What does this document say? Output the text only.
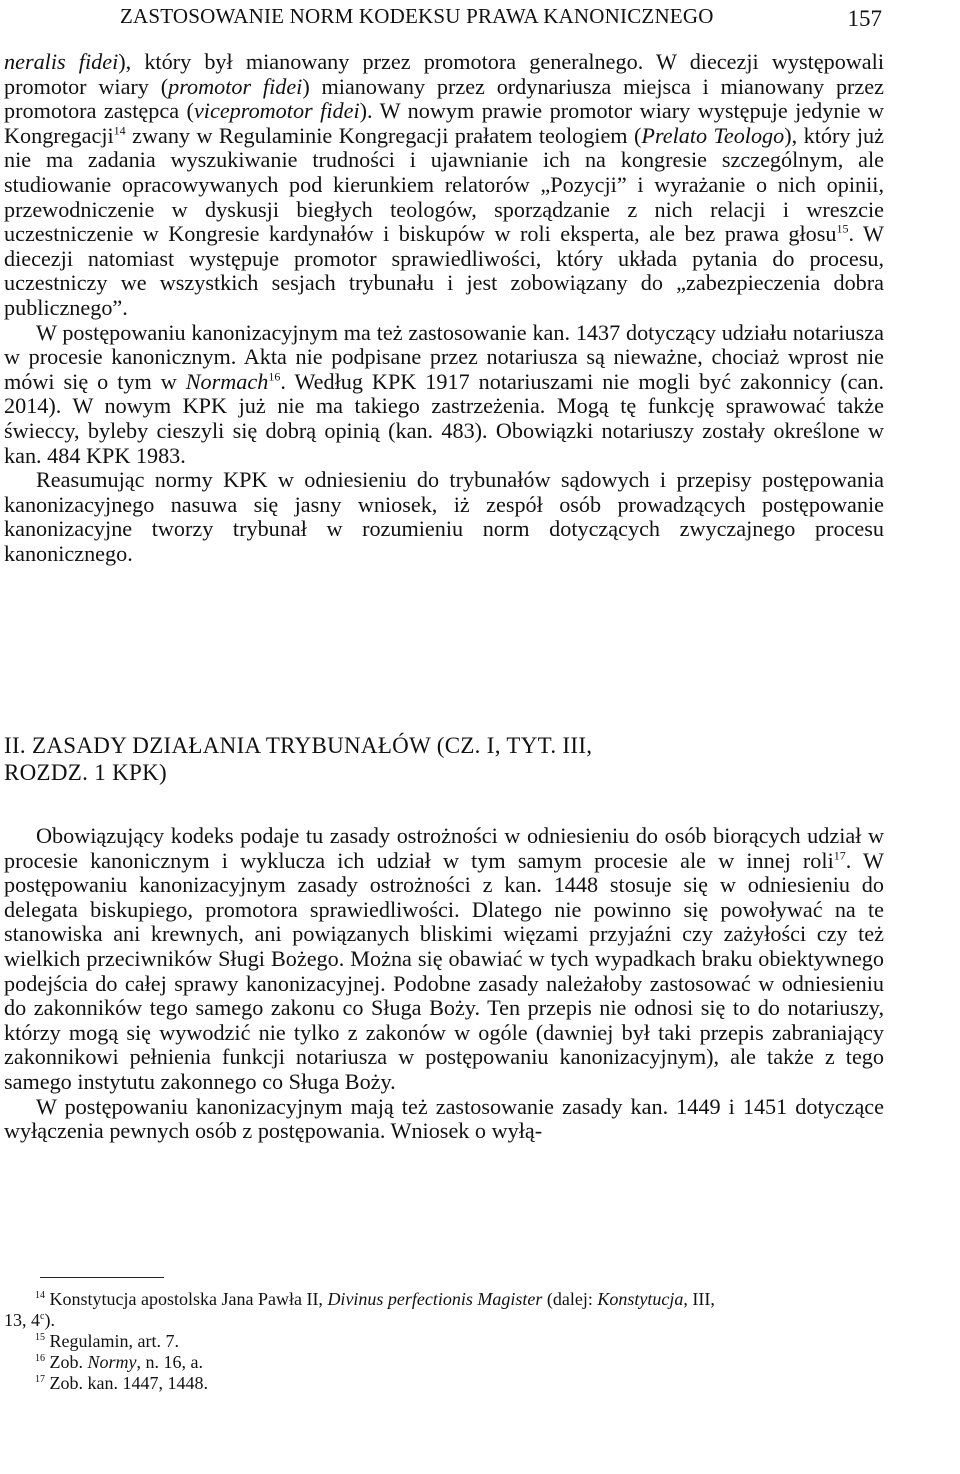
ZASTOSOWANIE NORM KODEKSU PRAWA KANONICZNEGO	157

neralis fidei), który był mianowany przez promotora generalnego. W diecezji występowali promotor wiary (promotor fidei) mianowany przez ordynariusza miejsca i mianowany przez promotora zastępca (vicepromotor fidei). W nowym prawie promotor wiary występuje jedynie w Kongregacji$^{14}$ zwany w Regulaminie Kongregacji prałatem teologiem (Prelato Teologo), który już nie ma zadania wyszukiwanie trudności i ujawnianie ich na kongresie szczególnym, ale studiowanie opracowywanych pod kierunkiem relatorów „Pozycji” i wyrażanie o nich opinii, przewodniczenie w dyskusji biegłych teologów, sporządzanie z nich relacji i wreszcie uczestniczenie w Kongresie kardynałów i biskupów w roli eksperta, ale bez prawa głosu$^{15}$. W diecezji natomiast występuje promotor sprawiedliwości, który układa pytania do procesu, uczestniczy we wszystkich sesjach trybunału i jest zobowiązany do „zabezpieczenia dobra publicznego”.

W postępowaniu kanonizacyjnym ma też zastosowanie kan. 1437 dotyczący udziału notariusza w procesie kanonicznym. Akta nie podpisane przez notariusza są nieważne, chociaż wprost nie mówi się o tym w Normach$^{16}$. Według KPK 1917 notariuszami nie mogli być zakonnicy (can. 2014). W nowym KPK już nie ma takiego zastrzeżenia. Mogą tę funkcję sprawować także świeccy, byleby cieszyli się dobrą opinią (kan. 483). Obowiązki notariuszy zostały określone w kan. 484 KPK 1983.

Reasumując normy KPK w odniesieniu do trybunałów sądowych i przepisy postępowania kanonizacyjnego nasuwa się jasny wniosek, iż zespół osób prowadzących postępowanie kanonizacyjne tworzy trybunał w rozumieniu norm dotyczących zwyczajnego procesu kanonicznego.

II. ZASADY DZIAŁANIA TRYBUNAŁÓW (CZ. I, TYT. III,
ROZDZ. 1 KPK)

Obowiązujący kodeks podaje tu zasady ostrożności w odniesieniu do osób biorących udział w procesie kanonicznym i wyklucza ich udział w tym samym procesie ale w innej roli$^{17}$. W postępowaniu kanonizacyjnym zasady ostrożności z kan. 1448 stosuje się w odniesieniu do delegata biskupiego, promotora sprawiedliwości. Dlatego nie powinno się powoływać na te stanowiska ani krewnych, ani powiązanych bliskimi więzami przyjaźni czy zażyłości czy też wielkich przeciwników Sługi Bożego. Można się obawiać w tych wypadkach braku obiektywnego podejścia do całej sprawy kanonizacyjnej. Podobne zasady należałoby zastosować w odniesieniu do zakonników tego samego zakonu co Sługa Boży. Ten przepis nie odnosi się to do notariuszy, którzy mogą się wywodzić nie tylko z zakonów w ogóle (dawniej był taki przepis zabraniający zakonnikowi pełnienia funkcji notariusza w postępowaniu kanonizacyjnym), ale także z tego samego instytutu zakonnego co Sługa Boży.

W postępowaniu kanonizacyjnym mają też zastosowanie zasady kan. 1449 i 1451 dotyczące wyłączenia pewnych osób z postępowania. Wniosek o wyłą-

$^{14}$ Konstytucja apostolska Jana Pawła II, Divinus perfectionis Magister (dalej: Konstytucja, III,
13, 4$^c$).

$^{15}$ Regulamin, art. 7.

$^{16}$ Zob. Normy, n. 16, a.

$^{17}$ Zob. kan. 1447, 1448.
